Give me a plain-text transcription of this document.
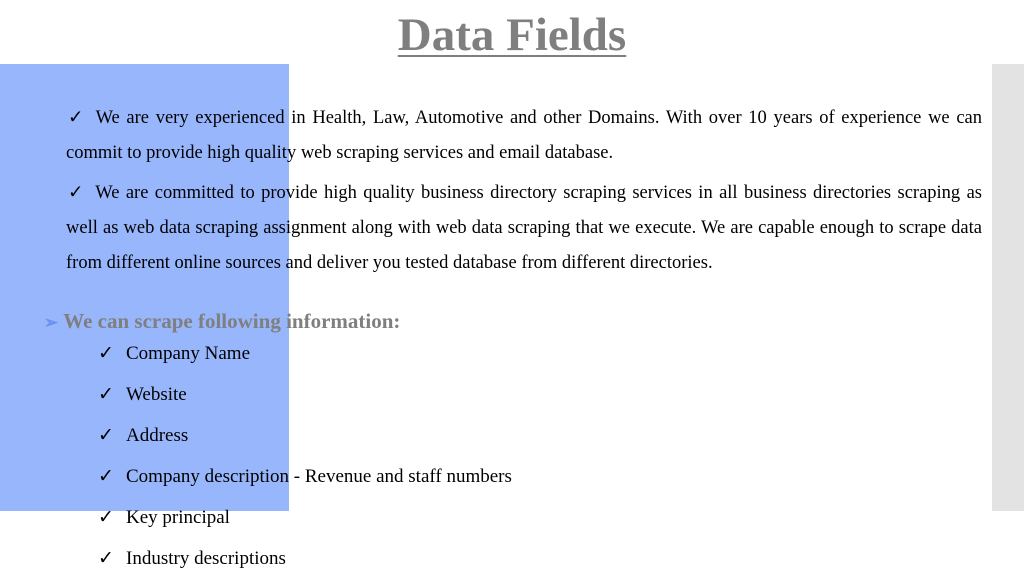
Data Fields
✓ We are very experienced in Health, Law, Automotive and other Domains. With over 10 years of experience we can commit to provide high quality web scraping services and email database.
✓ We are committed to provide high quality business directory scraping services in all business directories scraping as well as web data scraping assignment along with web data scraping that we execute. We are capable enough to scrape data from different online sources and deliver you tested database from different directories.
➢ We can scrape following information:
✓ Company Name
✓ Website
✓ Address
✓ Company description - Revenue and staff numbers
✓ Key principal
✓ Industry descriptions
